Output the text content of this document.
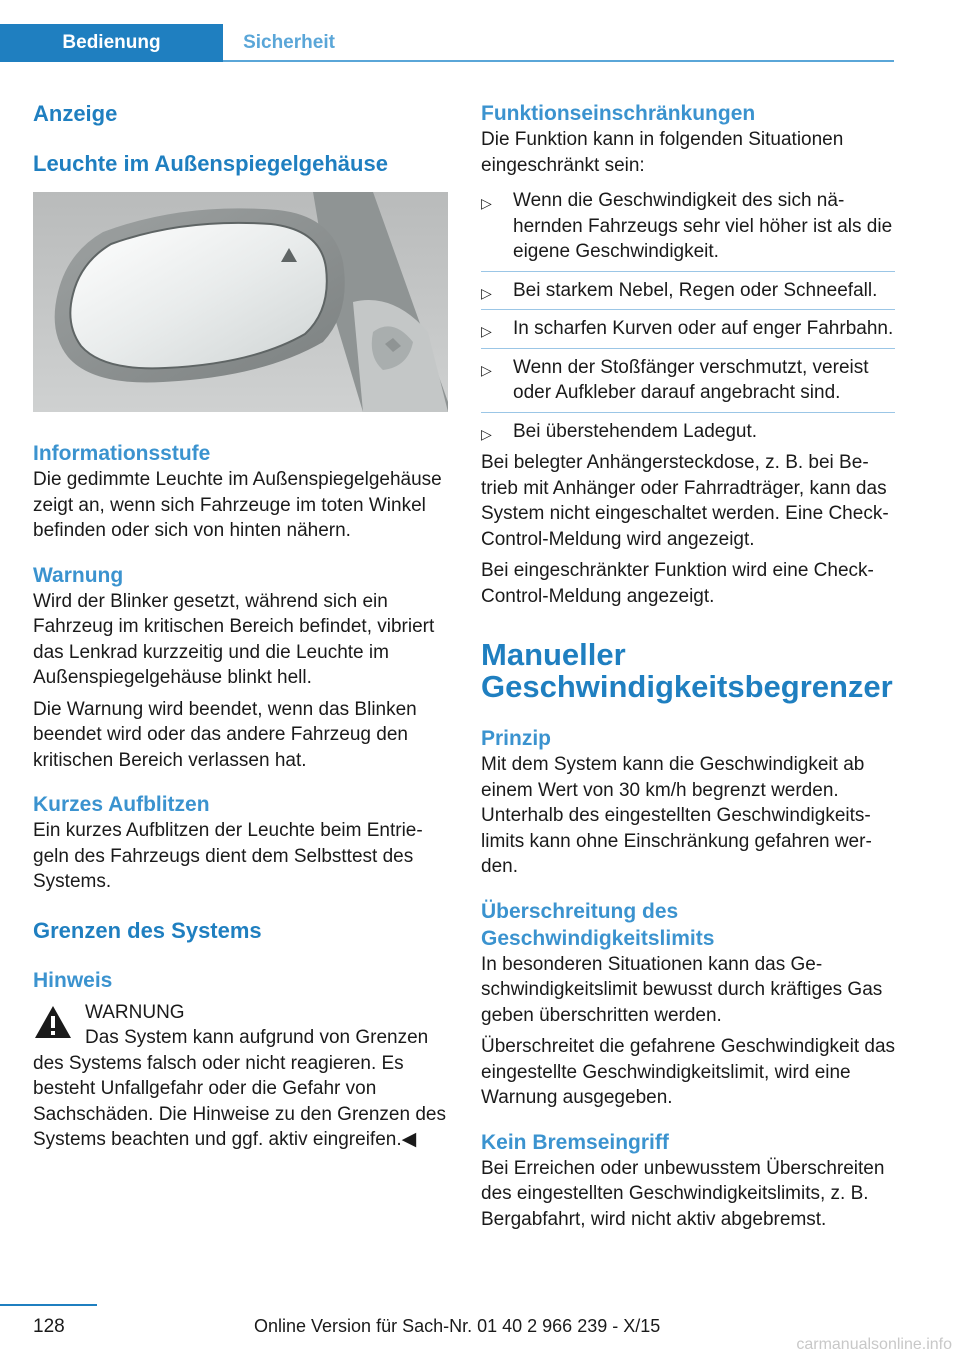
Bedienung	Sicherheit
Anzeige
Leuchte im Außenspiegelgehäuse
Informationsstufe

Die gedimmte Leuchte im Außenspiegelgehäuse zeigt an, wenn sich Fahrzeuge im toten Winkel befinden oder sich von hinten nähern.

Warnung

Wird der Blinker gesetzt, während sich ein Fahrzeug im kritischen Bereich befindet, vibriert das Lenkrad kurzzeitig und die Leuchte im Außenspiegelgehäuse blinkt hell.

Die Warnung wird beendet, wenn das Blinken beendet wird oder das andere Fahrzeug den kritischen Bereich verlassen hat.

Kurzes Aufblitzen

Ein kurzes Aufblitzen der Leuchte beim Entriegeln des Fahrzeugs dient dem Selbsttest des Systems.

Grenzen des Systems
Hinweis
WARNUNG
Das System kann aufgrund von Grenzen
des Systems falsch oder nicht reagieren. Es besteht Unfallgefahr oder die Gefahr von Sachschäden. Die Hinweise zu den Grenzen des Systems beachten und ggf. aktiv eingreifen.◀
Funktionseinschränkungen

Die Funktion kann in folgenden Situationen eingeschränkt sein:

▷ Wenn die Geschwindigkeit des sich nähernden Fahrzeugs sehr viel höher ist als die eigene Geschwindigkeit.
▷ Bei starkem Nebel, Regen oder Schneefall.
▷ In scharfen Kurven oder auf enger Fahrbahn.
▷ Wenn der Stoßfänger verschmutzt, vereist oder Aufkleber darauf angebracht sind.
▷ Bei überstehendem Ladegut.

Bei belegter Anhängersteckdose, z. B. bei Betrieb mit Anhänger oder Fahrradträger, kann das System nicht eingeschaltet werden. Eine Check-Control-Meldung wird angezeigt.

Bei eingeschränkter Funktion wird eine Check-Control-Meldung angezeigt.

Manueller
Geschwindigkeitsbegrenzer
Prinzip

Mit dem System kann die Geschwindigkeit ab einem Wert von 30 km/h begrenzt werden. Unterhalb des eingestellten Geschwindigkeitslimits kann ohne Einschränkung gefahren werden.

Überschreitung des
Geschwindigkeitslimits

In besonderen Situationen kann das Geschwindigkeitslimit bewusst durch kräftiges Gas geben überschritten werden.

Überschreitet die gefahrene Geschwindigkeit das eingestellte Geschwindigkeitslimit, wird eine Warnung ausgegeben.

Kein Bremseingriff

Bei Erreichen oder unbewusstem Überschreiten des eingestellten Geschwindigkeitslimits, z. B. Bergabfahrt, wird nicht aktiv abgebremst.

128	Online Version für Sach-Nr. 01 40 2 966 239 - X/15
carmanualsonline.info
